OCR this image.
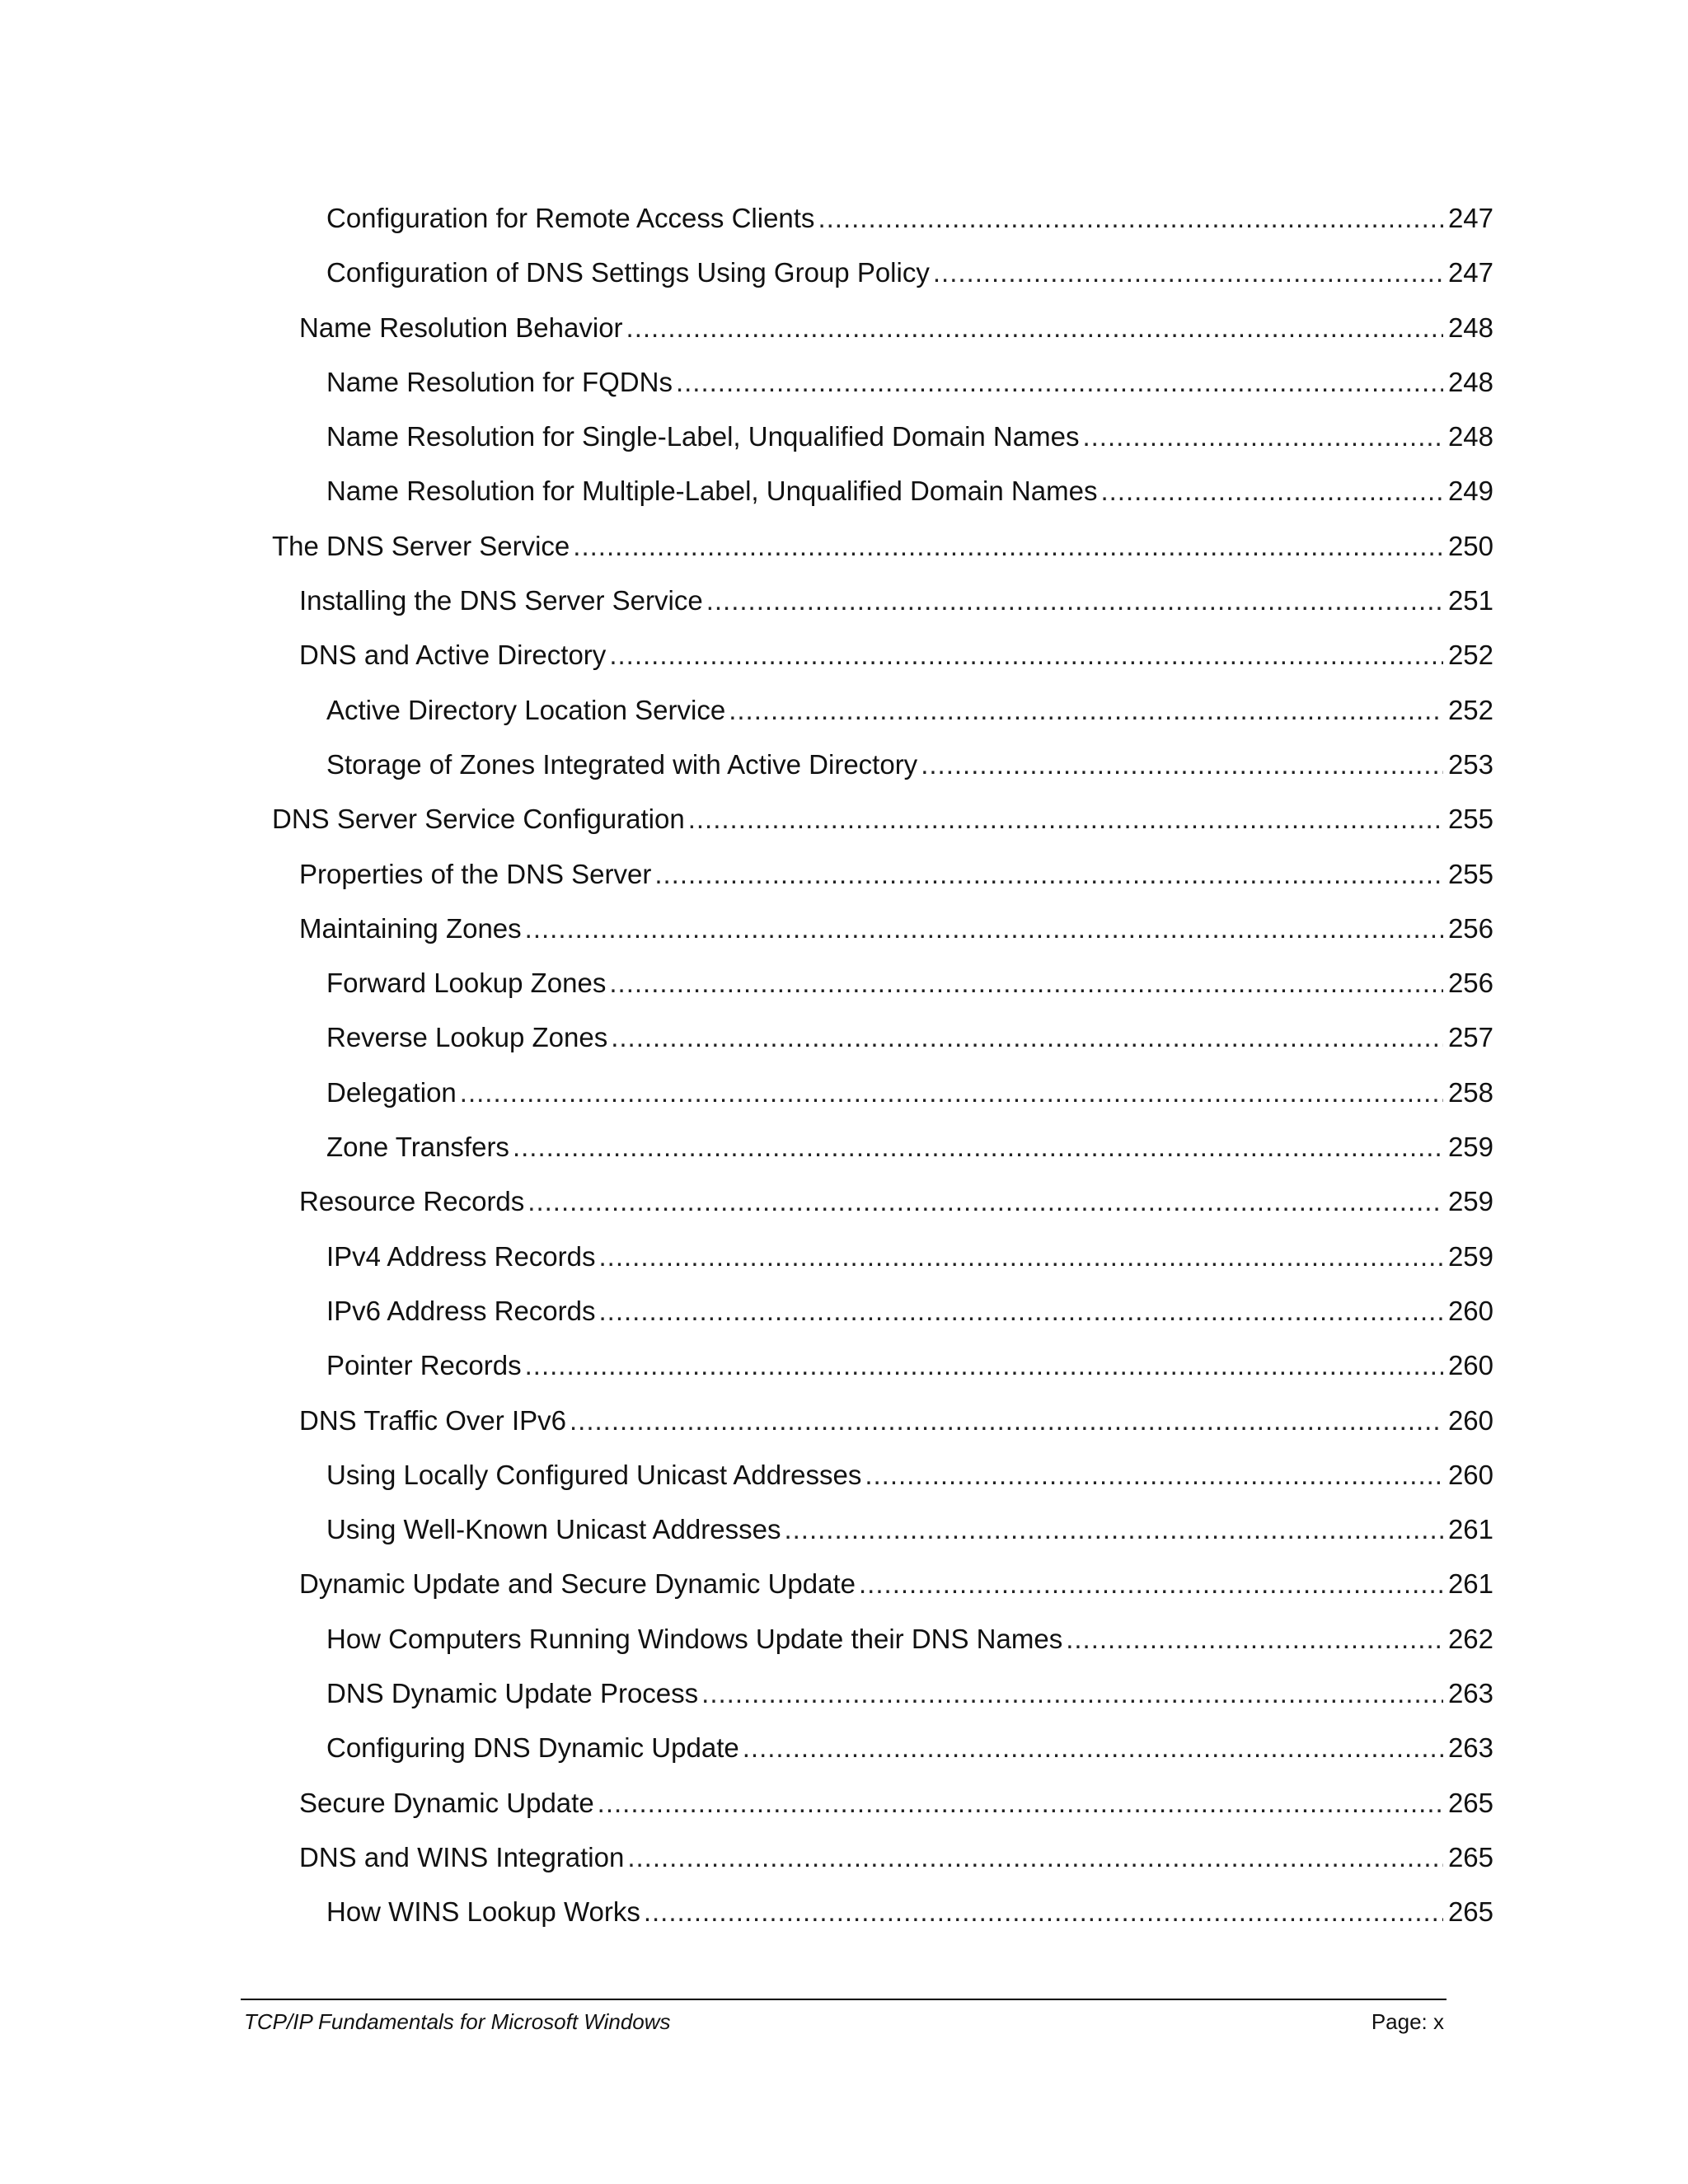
Configuration for Remote Access Clients .....	247
Configuration of DNS Settings Using Group Policy .....	247
Name Resolution Behavior .....	248
Name Resolution for FQDNs .....	248
Name Resolution for Single-Label, Unqualified Domain Names .....	248
Name Resolution for Multiple-Label, Unqualified Domain Names .....	249
The DNS Server Service .....	250
Installing the DNS Server Service .....	251
DNS and Active Directory .....	252
Active Directory Location Service .....	252
Storage of Zones Integrated with Active Directory .....	253
DNS Server Service Configuration .....	255
Properties of the DNS Server .....	255
Maintaining Zones .....	256
Forward Lookup Zones .....	256
Reverse Lookup Zones .....	257
Delegation .....	258
Zone Transfers .....	259
Resource Records .....	259
IPv4 Address Records .....	259
IPv6 Address Records .....	260
Pointer Records .....	260
DNS Traffic Over IPv6 .....	260
Using Locally Configured Unicast Addresses .....	260
Using Well-Known Unicast Addresses .....	261
Dynamic Update and Secure Dynamic Update .....	261
How Computers Running Windows Update their DNS Names .....	262
DNS Dynamic Update Process .....	263
Configuring DNS Dynamic Update .....	263
Secure Dynamic Update .....	265
DNS and WINS Integration .....	265
How WINS Lookup Works .....	265
TCP/IP Fundamentals for Microsoft Windows	Page: x
